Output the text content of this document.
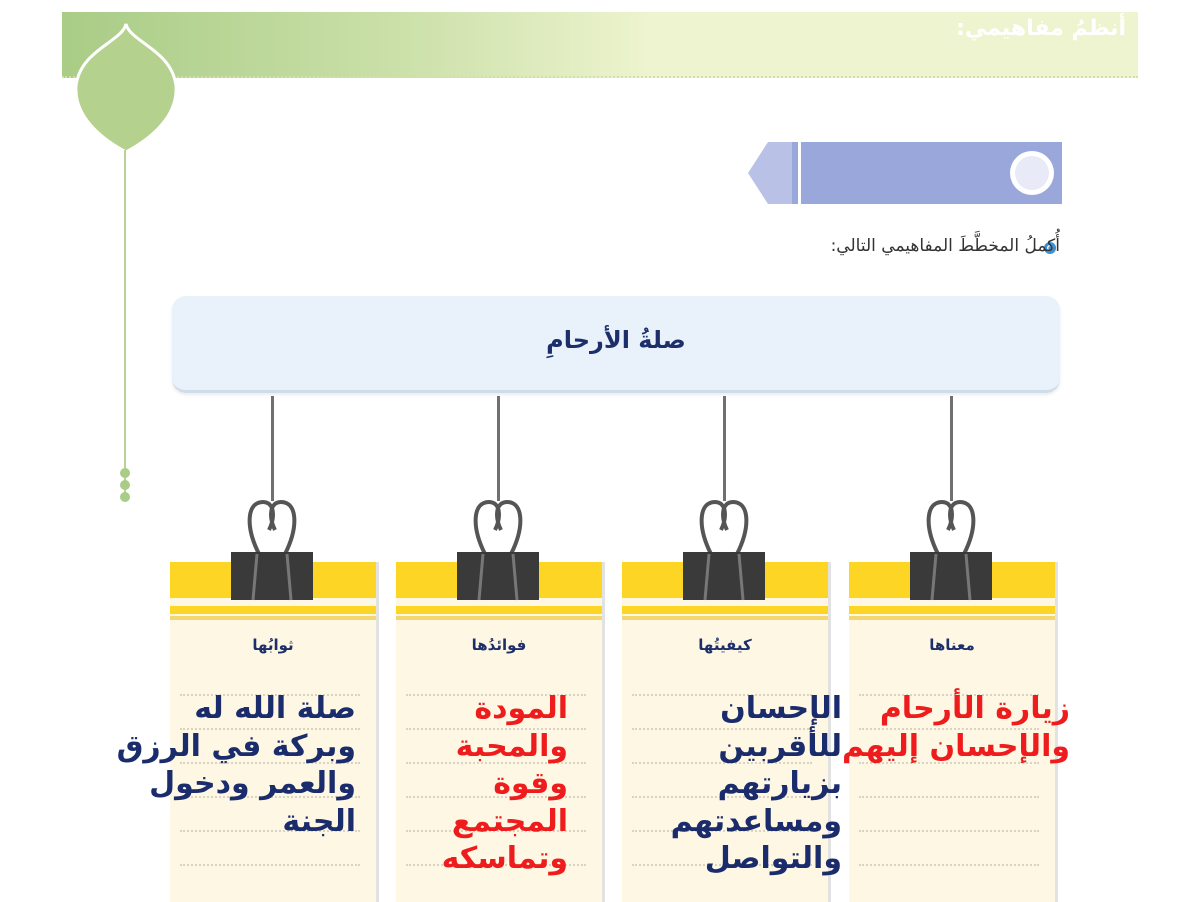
أنظمُ مفاهيمي:
أُكملُ المخطَّطَ المفاهيمي التالي:
صلةُ الأرحامِ
ثوابُها	فوائدُها	كيفيتُها	معناها
زيارة الأرحام والإحسان إليهم
الإحسان للأقربين بزيارتهم ومساعدتهم والتواصل
المودة والمحبة وقوة المجتمع وتماسكه
صلة الله له وبركة في الرزق والعمر ودخول الجنة
